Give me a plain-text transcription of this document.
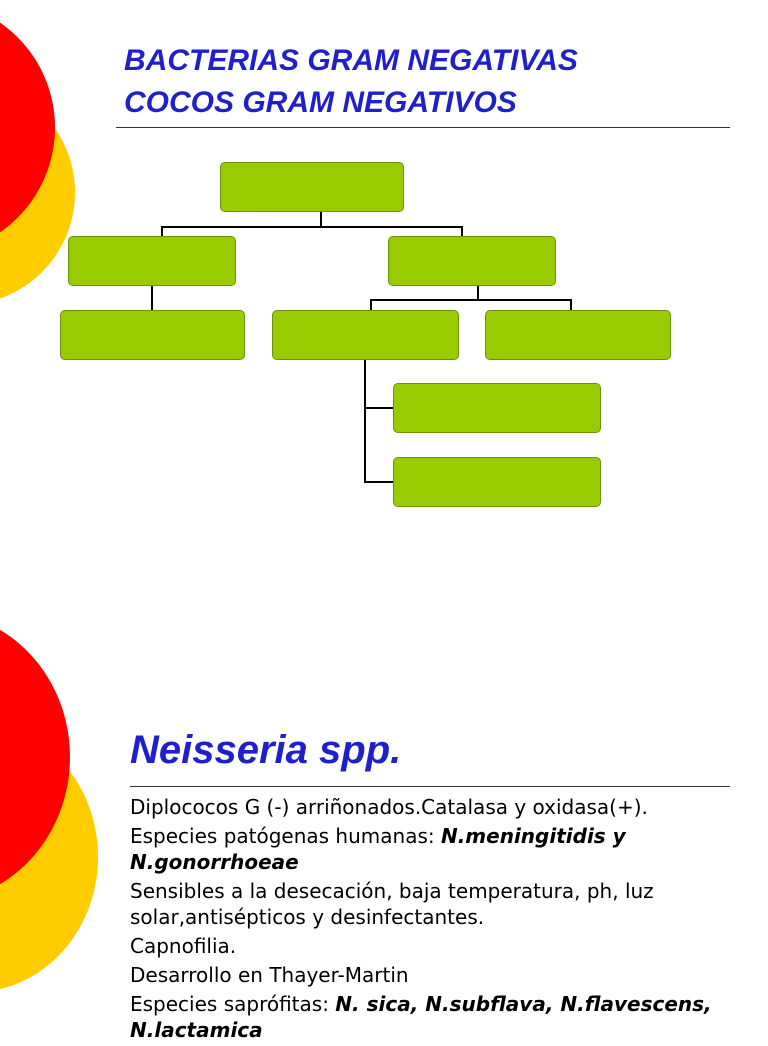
BACTERIAS GRAM NEGATIVAS
COCOS GRAM NEGATIVOS
Neisseria spp.

Diplococos G (-) arriñonados.Catalasa y oxidasa(+).

Especies patógenas humanas: N.meningitidis y N.gonorrhoeae

Sensibles a la desecación, baja temperatura, ph, luz solar,antisépticos y desinfectantes.

Capnofilia.

Desarrollo en Thayer-Martin

Especies saprófitas: N. sica, N.subflava, N.flavescens, N.lactamica
